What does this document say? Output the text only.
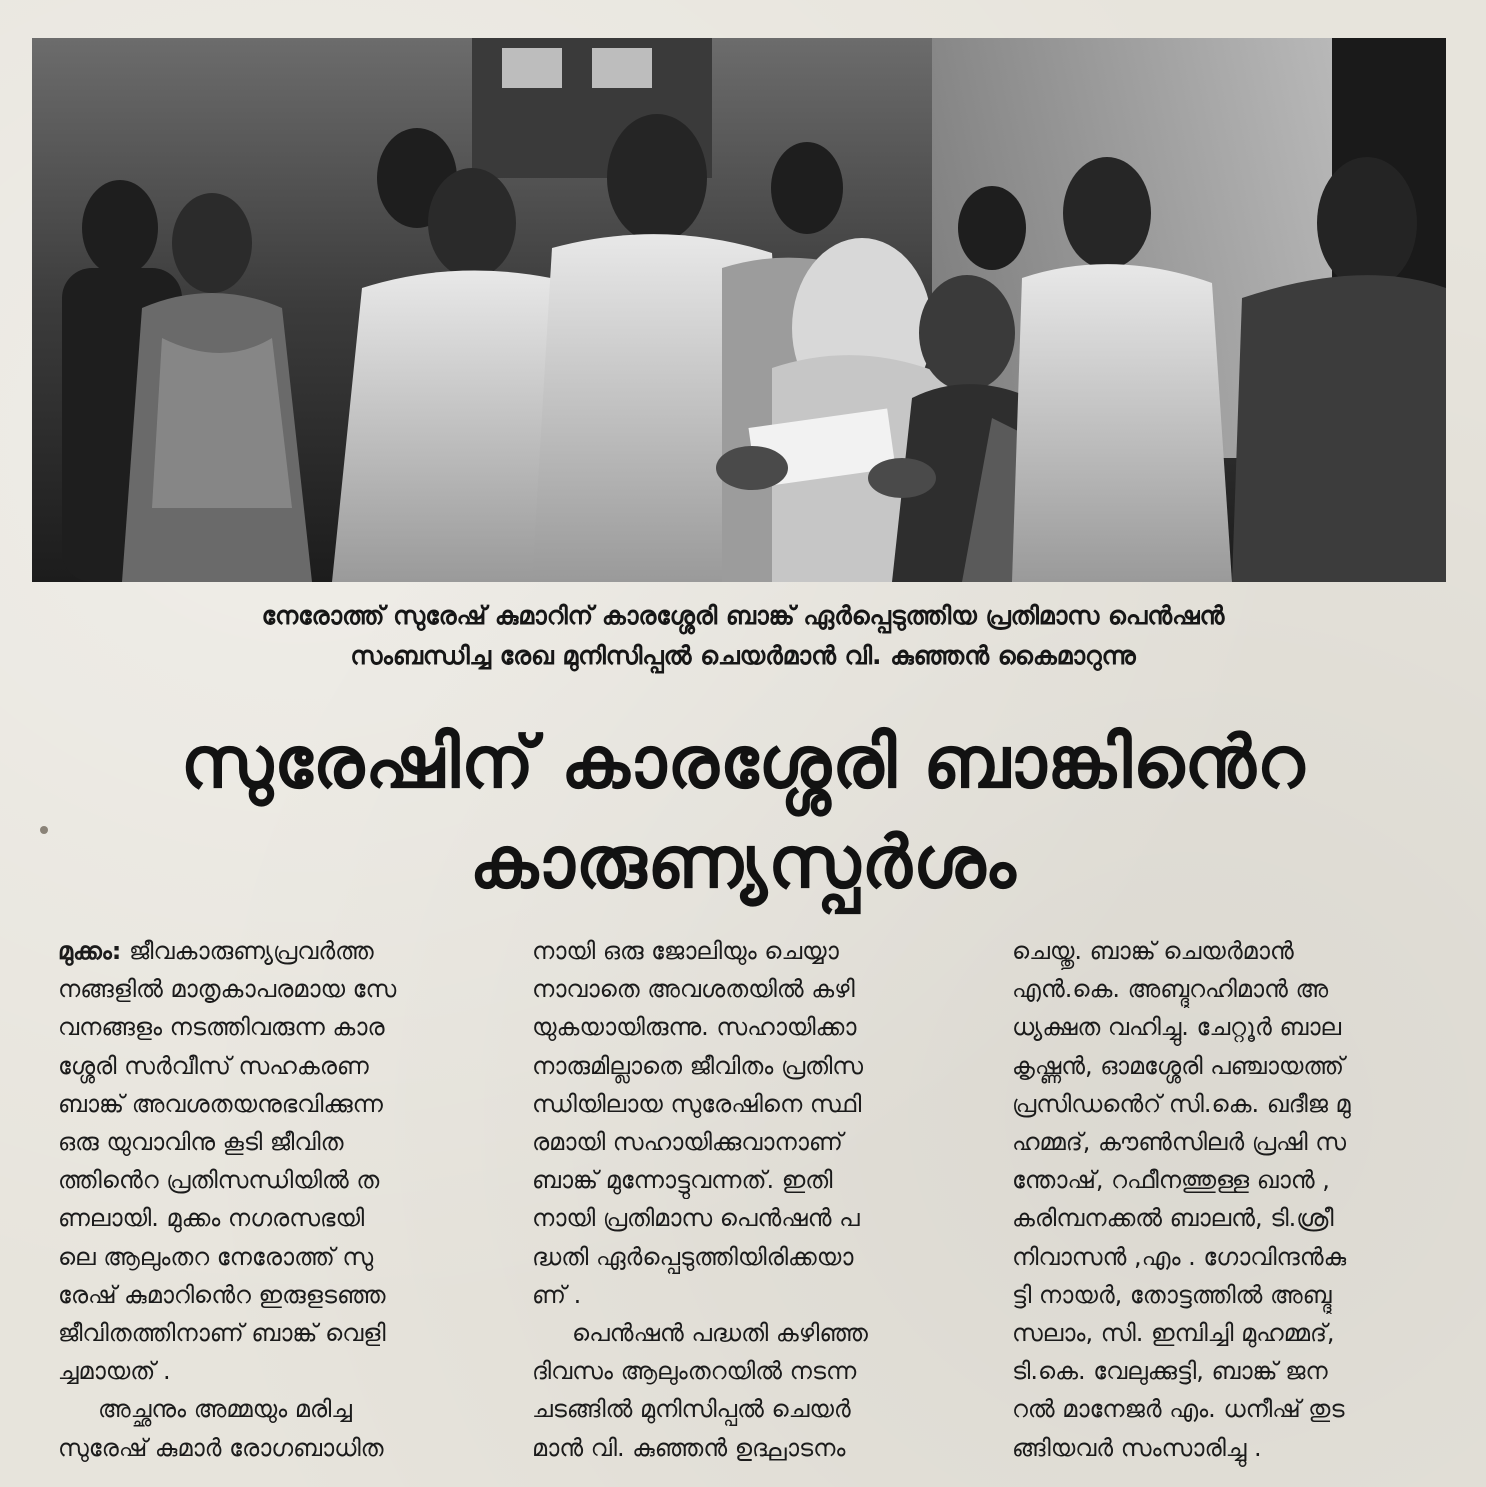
നേരോത്ത് സുരേഷ് കുമാറിന് കാരശ്ശേരി ബാങ്ക് ഏർപ്പെടുത്തിയ പ്രതിമാസ പെൻഷൻ
സംബന്ധിച്ച രേഖ മുനിസിപ്പൽ ചെയർമാൻ വി. കുഞ്ഞൻ കൈമാറുന്നു
സുരേഷിന് കാരശ്ശേരി ബാങ്കിൻെറ
കാരുണ്യസ്പർശം
മുക്കം: ജീവകാരുണ്യപ്രവർത്ത
നങ്ങളിൽ മാതൃകാപരമായ സേ
വനങ്ങളം നടത്തിവരുന്ന കാര
ശ്ശേരി സർവീസ് സഹകരണ
ബാങ്ക് അവശതയനുഭവിക്കുന്ന
ഒരു യുവാവിനു കൂടി ജീവിത
ത്തിൻെറ പ്രതിസന്ധിയിൽ ത
ണലായി. മുക്കം നഗരസഭയി
ലെ ആലുംതറ നേരോത്ത് സു
രേഷ് കുമാറിൻെറ ഇരുളടഞ്ഞ
ജീവിതത്തിനാണ് ബാങ്ക് വെളി
ച്ചമായത് .
അച്ഛനും അമ്മയും മരിച്ച
സുരേഷ് കുമാർ രോഗബാധിത
നായി ഒരു ജോലിയും ചെയ്യാ
നാവാതെ അവശതയിൽ കഴി
യുകയായിരുന്നു. സഹായിക്കാ
നാരുമില്ലാതെ ജീവിതം പ്രതിസ
ന്ധിയിലായ സുരേഷിനെ സ്ഥി
രമായി സഹായിക്കുവാനാണ്
ബാങ്ക് മുന്നോട്ടുവന്നത്. ഇതി
നായി പ്രതിമാസ പെൻഷൻ പ
ദ്ധതി ഏർപ്പെടുത്തിയിരിക്കയാ
ണ് .
പെൻഷൻ പദ്ധതി കഴിഞ്ഞ
ദിവസം ആലുംതറയിൽ നടന്ന
ചടങ്ങിൽ മുനിസിപ്പൽ ചെയർ
മാൻ വി. കുഞ്ഞൻ ഉദ്ഘാടനം
ചെയ്തു. ബാങ്ക് ചെയർമാൻ
എൻ.കെ. അബ്ദുറഹിമാൻ അ
ധ്യക്ഷത വഹിച്ചു. ചേറ്റൂർ ബാല
കൃഷ്ണൻ, ഓമശ്ശേരി പഞ്ചായത്ത്
പ്രസിഡൻെറ് സി.കെ. ഖദീജ മു
ഹമ്മദ്, കൗൺസിലർ പ്രഷി സ
ന്തോഷ്, റഫീനത്തുള്ള ഖാൻ ,
കരിമ്പനക്കൽ ബാലൻ, ടി.ശ്രീ
നിവാസൻ ,എം . ഗോവിന്ദൻകു
ട്ടി നായർ, തോട്ടത്തിൽ അബ്ദു
സലാം, സി. ഇമ്പിച്ചി മുഹമ്മദ്,
ടി.കെ. വേലുക്കുട്ടി, ബാങ്ക് ജന
റൽ മാനേജർ എം. ധനീഷ് തുട
ങ്ങിയവർ സംസാരിച്ചു .
